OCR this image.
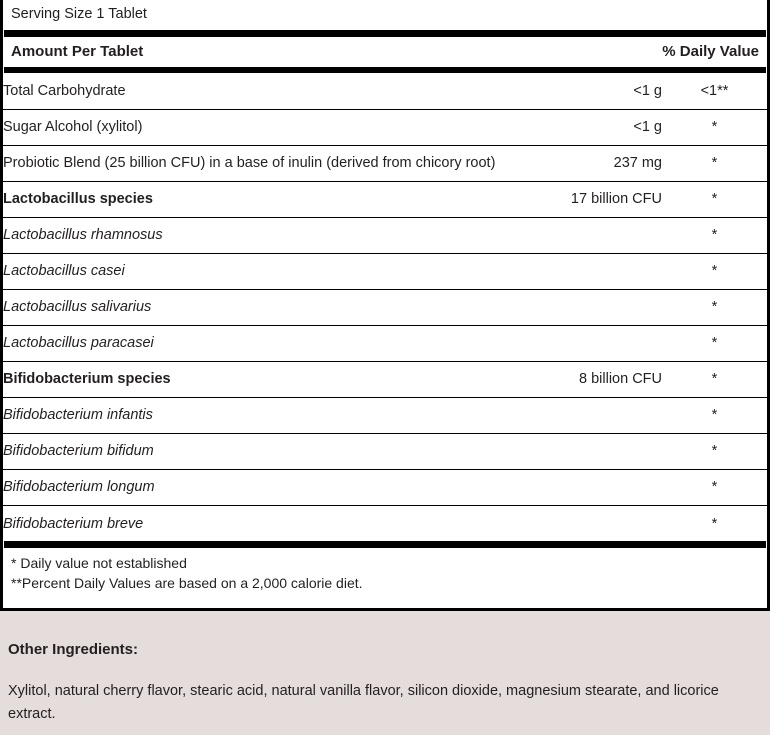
Serving Size 1 Tablet
Amount Per Tablet	% Daily Value
Total Carbohydrate	<1 g	<1**
Sugar Alcohol (xylitol)	<1 g	*
Probiotic Blend (25 billion CFU) in a base of inulin (derived from chicory root)	237 mg	*
Lactobacillus species	17 billion CFU	*
Lactobacillus rhamnosus		*
Lactobacillus casei		*
Lactobacillus salivarius		*
Lactobacillus paracasei		*
Bifidobacterium species	8 billion CFU	*
Bifidobacterium infantis		*
Bifidobacterium bifidum		*
Bifidobacterium longum		*
Bifidobacterium breve		*
* Daily value not established
**Percent Daily Values are based on a 2,000 calorie diet.
Other Ingredients:
Xylitol, natural cherry flavor, stearic acid, natural vanilla flavor, silicon dioxide, magnesium stearate, and licorice extract.
